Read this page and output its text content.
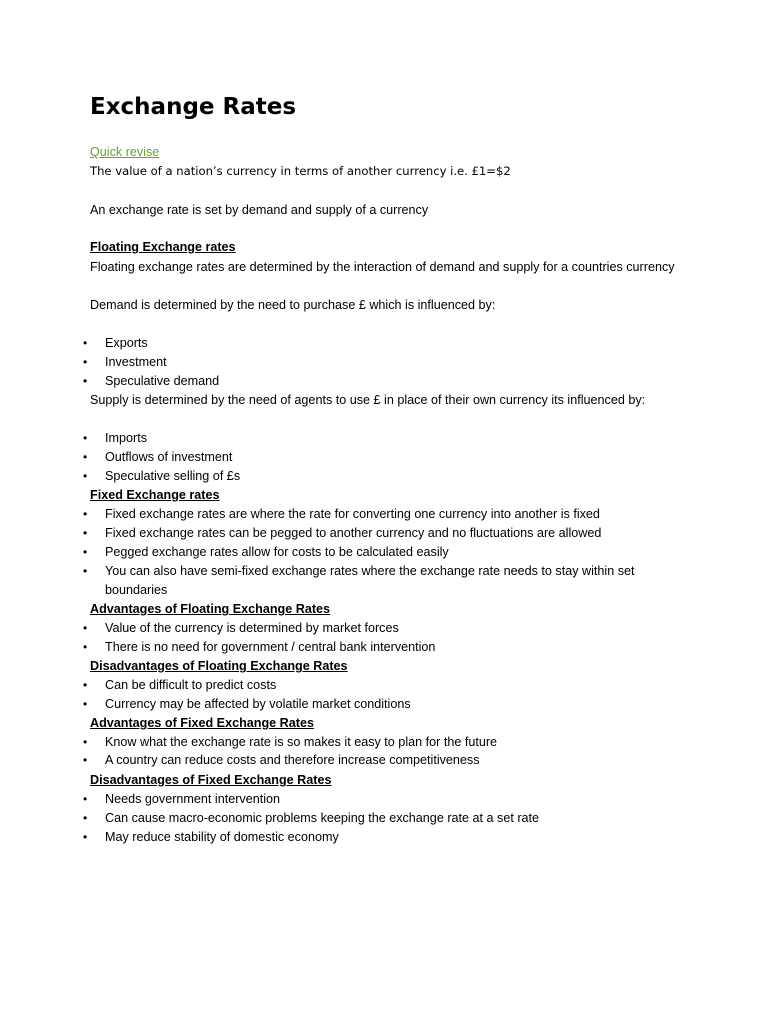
Exchange Rates
Quick revise
The value of a nation’s currency in terms of another currency i.e. £1=$2
An exchange rate is set by demand and supply of a currency
Floating Exchange rates
Floating exchange rates are determined by the interaction of demand and supply for a countries currency
Demand is determined by the need to purchase £ which is influenced by:
•	Exports
•	Investment
•	Speculative demand
Supply is determined by the need of agents to use £ in place of their own currency its influenced by:
•	Imports
•	Outflows of investment
•	Speculative selling of £s
Fixed Exchange rates
•	Fixed exchange rates are where the rate for converting one currency into another is fixed
•	Fixed exchange rates can be pegged to another currency and no fluctuations are allowed
•	Pegged exchange rates allow for costs to be calculated easily
•	You can also have semi-fixed exchange rates where the exchange rate needs to stay within set
boundaries
Advantages of Floating Exchange Rates
•	Value of the currency is determined by market forces
•	There is no need for government / central bank intervention
Disadvantages of Floating Exchange Rates
•	Can be difficult to predict costs
•	Currency may be affected by volatile market conditions
Advantages of Fixed Exchange Rates
•	Know what the exchange rate is so makes it easy to plan for the future
•	A country can reduce costs and therefore increase competitiveness
Disadvantages of Fixed Exchange Rates
•	Needs government intervention
•	Can cause macro-economic problems keeping the exchange rate at a set rate
•	May reduce stability of domestic economy
